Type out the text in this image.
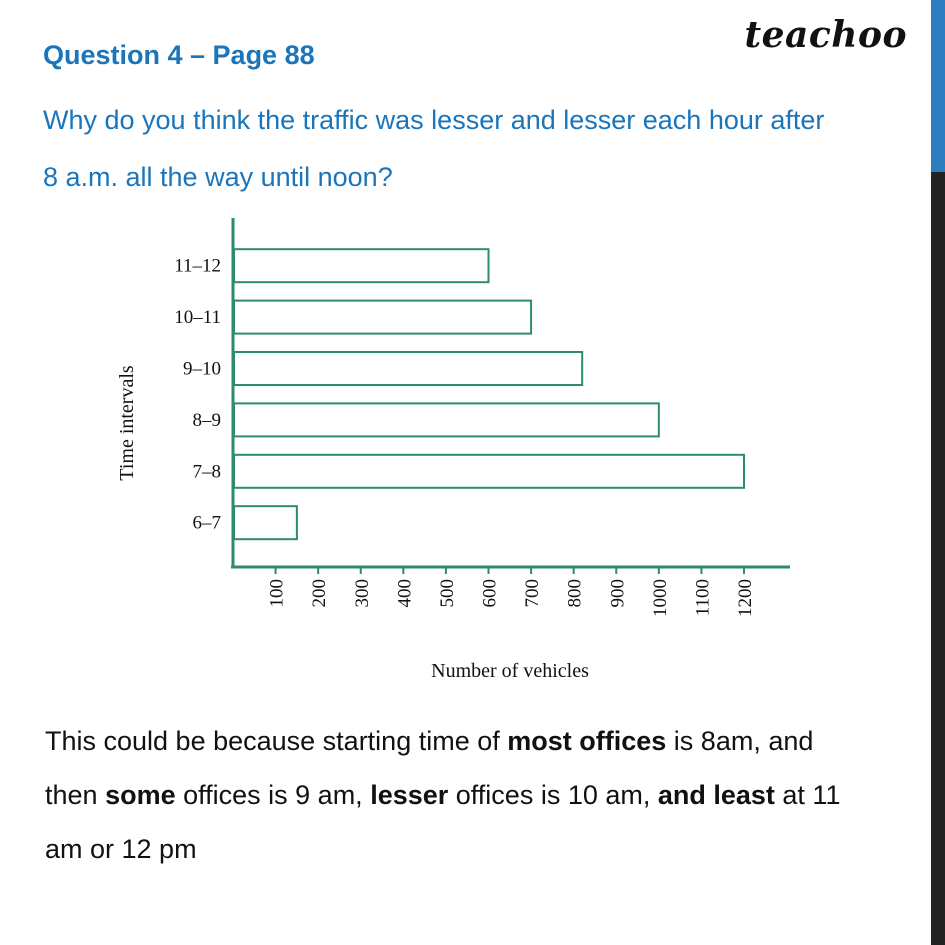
teachoo
Question 4 – Page 88
Why do you think the traffic was lesser and lesser each hour after
8 a.m. all the way until noon?
6–7
7–8
8–9
9–10
10–11
11–12
100 200 300 400 500 600 700 800 900 1000 1100 1200
Number of vehicles
Time intervals
This could be because starting time of most offices is 8am, and
then some offices is 9 am, lesser offices is 10 am, and least at 11
am or 12 pm
